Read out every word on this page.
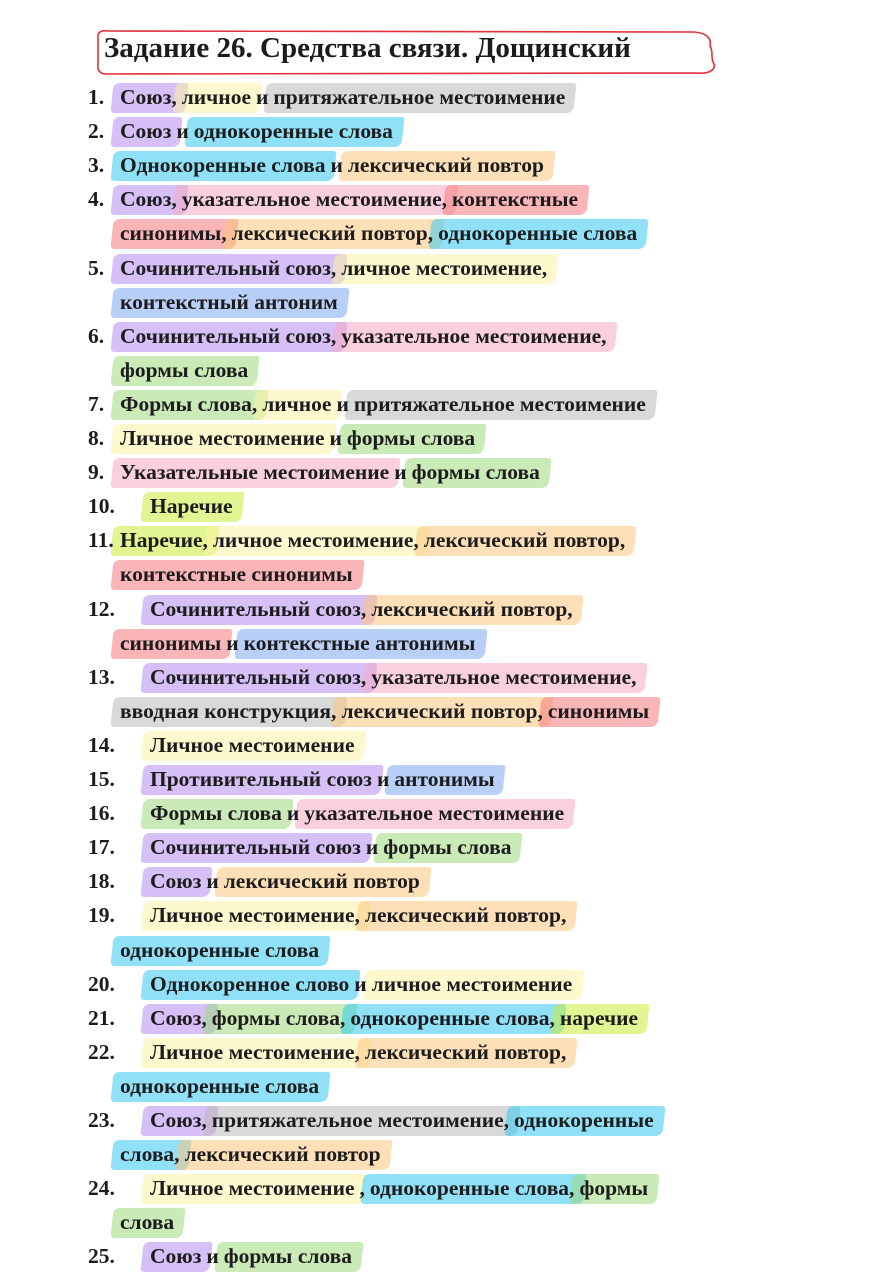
Задание 26. Средства связи. Дощинский
1. Союз,личноеипритяжательное местоимение
2. Союзиоднокоренные слова
3. Однокоренные словаилексический повтор
4. Союз,указательное местоимение,контекстные
синонимы,лексический повтор,однокоренные слова
5. Сочинительный союз,личное местоимение,
контекстный антоним
6. Сочинительный союз,указательное местоимение,
формы слова
7. Формы слова,личноеипритяжательное местоимение
8. Личное местоимениеиформы слова
9. Указательные местоимениеиформы слова
10. Наречие
11. Наречие,личное местоимение,лексический повтор,
контекстные синонимы
12. Сочинительный союз,лексический повтор,
синонимыиконтекстные антонимы
13. Сочинительный союз,указательное местоимение,
вводная конструкция,лексический повтор,синонимы
14. Личное местоимение
15. Противительный союзиантонимы
16. Формы словаиуказательное местоимение
17. Сочинительный союзиформы слова
18. Союзилексический повтор
19. Личное местоимение,лексический повтор,
однокоренные слова
20. Однокоренное словоиличное местоимение
21. Союз,формы слова,однокоренные слова,наречие
22. Личное местоимение,лексический повтор,
однокоренные слова
23. Союз,притяжательное местоимение,однокоренные
слова,лексический повтор
24. Личное местоимение,однокоренные слова,формы
слова
25. Союзиформы слова
